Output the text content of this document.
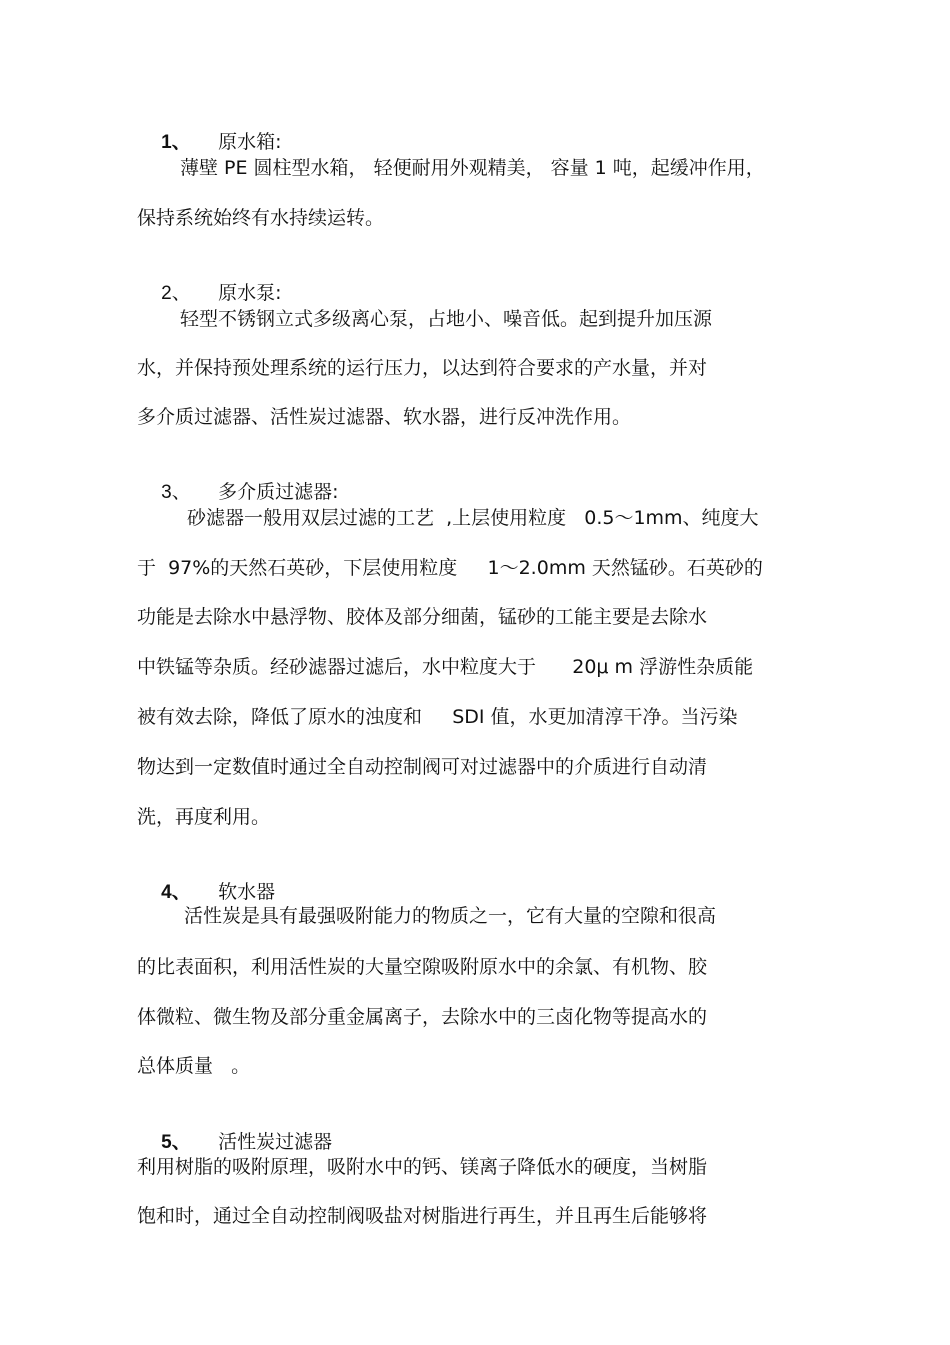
1、 原水箱:

薄壁 PE 圆柱型水箱， 轻便耐用外观精美， 容量 1 吨，起缓冲作用，
保持系统始终有水持续运转。

2、 原水泵:

轻型不锈钢立式多级离心泵，占地小、噪音低。起到提升加压源
水，并保持预处理系统的运行压力，以达到符合要求的产水量，并对
多介质过滤器、活性炭过滤器、软水器，进行反冲洗作用。

3、 多介质过滤器:

砂滤器一般用双层过滤的工艺  ,上层使用粒度   0.5～1mm、纯度大
于  97%的天然石英砂，下层使用粒度     1～2.0mm 天然锰砂。石英砂的
功能是去除水中悬浮物、胶体及部分细菌，锰砂的工能主要是去除水
中铁锰等杂质。经砂滤器过滤后，水中粒度大于      20μ m 浮游性杂质能
被有效去除，降低了原水的浊度和     SDI 值，水更加清淳干净。当污染
物达到一定数值时通过全自动控制阀可对过滤器中的介质进行自动清
洗，再度利用。

4、 软水器

活性炭是具有最强吸附能力的物质之一，它有大量的空隙和很高
的比表面积，利用活性炭的大量空隙吸附原水中的余氯、有机物、胶
体微粒、微生物及部分重金属离子，去除水中的三卤化物等提高水的
总体质量   。

5、 活性炭过滤器

利用树脂的吸附原理，吸附水中的钙、镁离子降低水的硬度，当树脂
饱和时，通过全自动控制阀吸盐对树脂进行再生，并且再生后能够将
